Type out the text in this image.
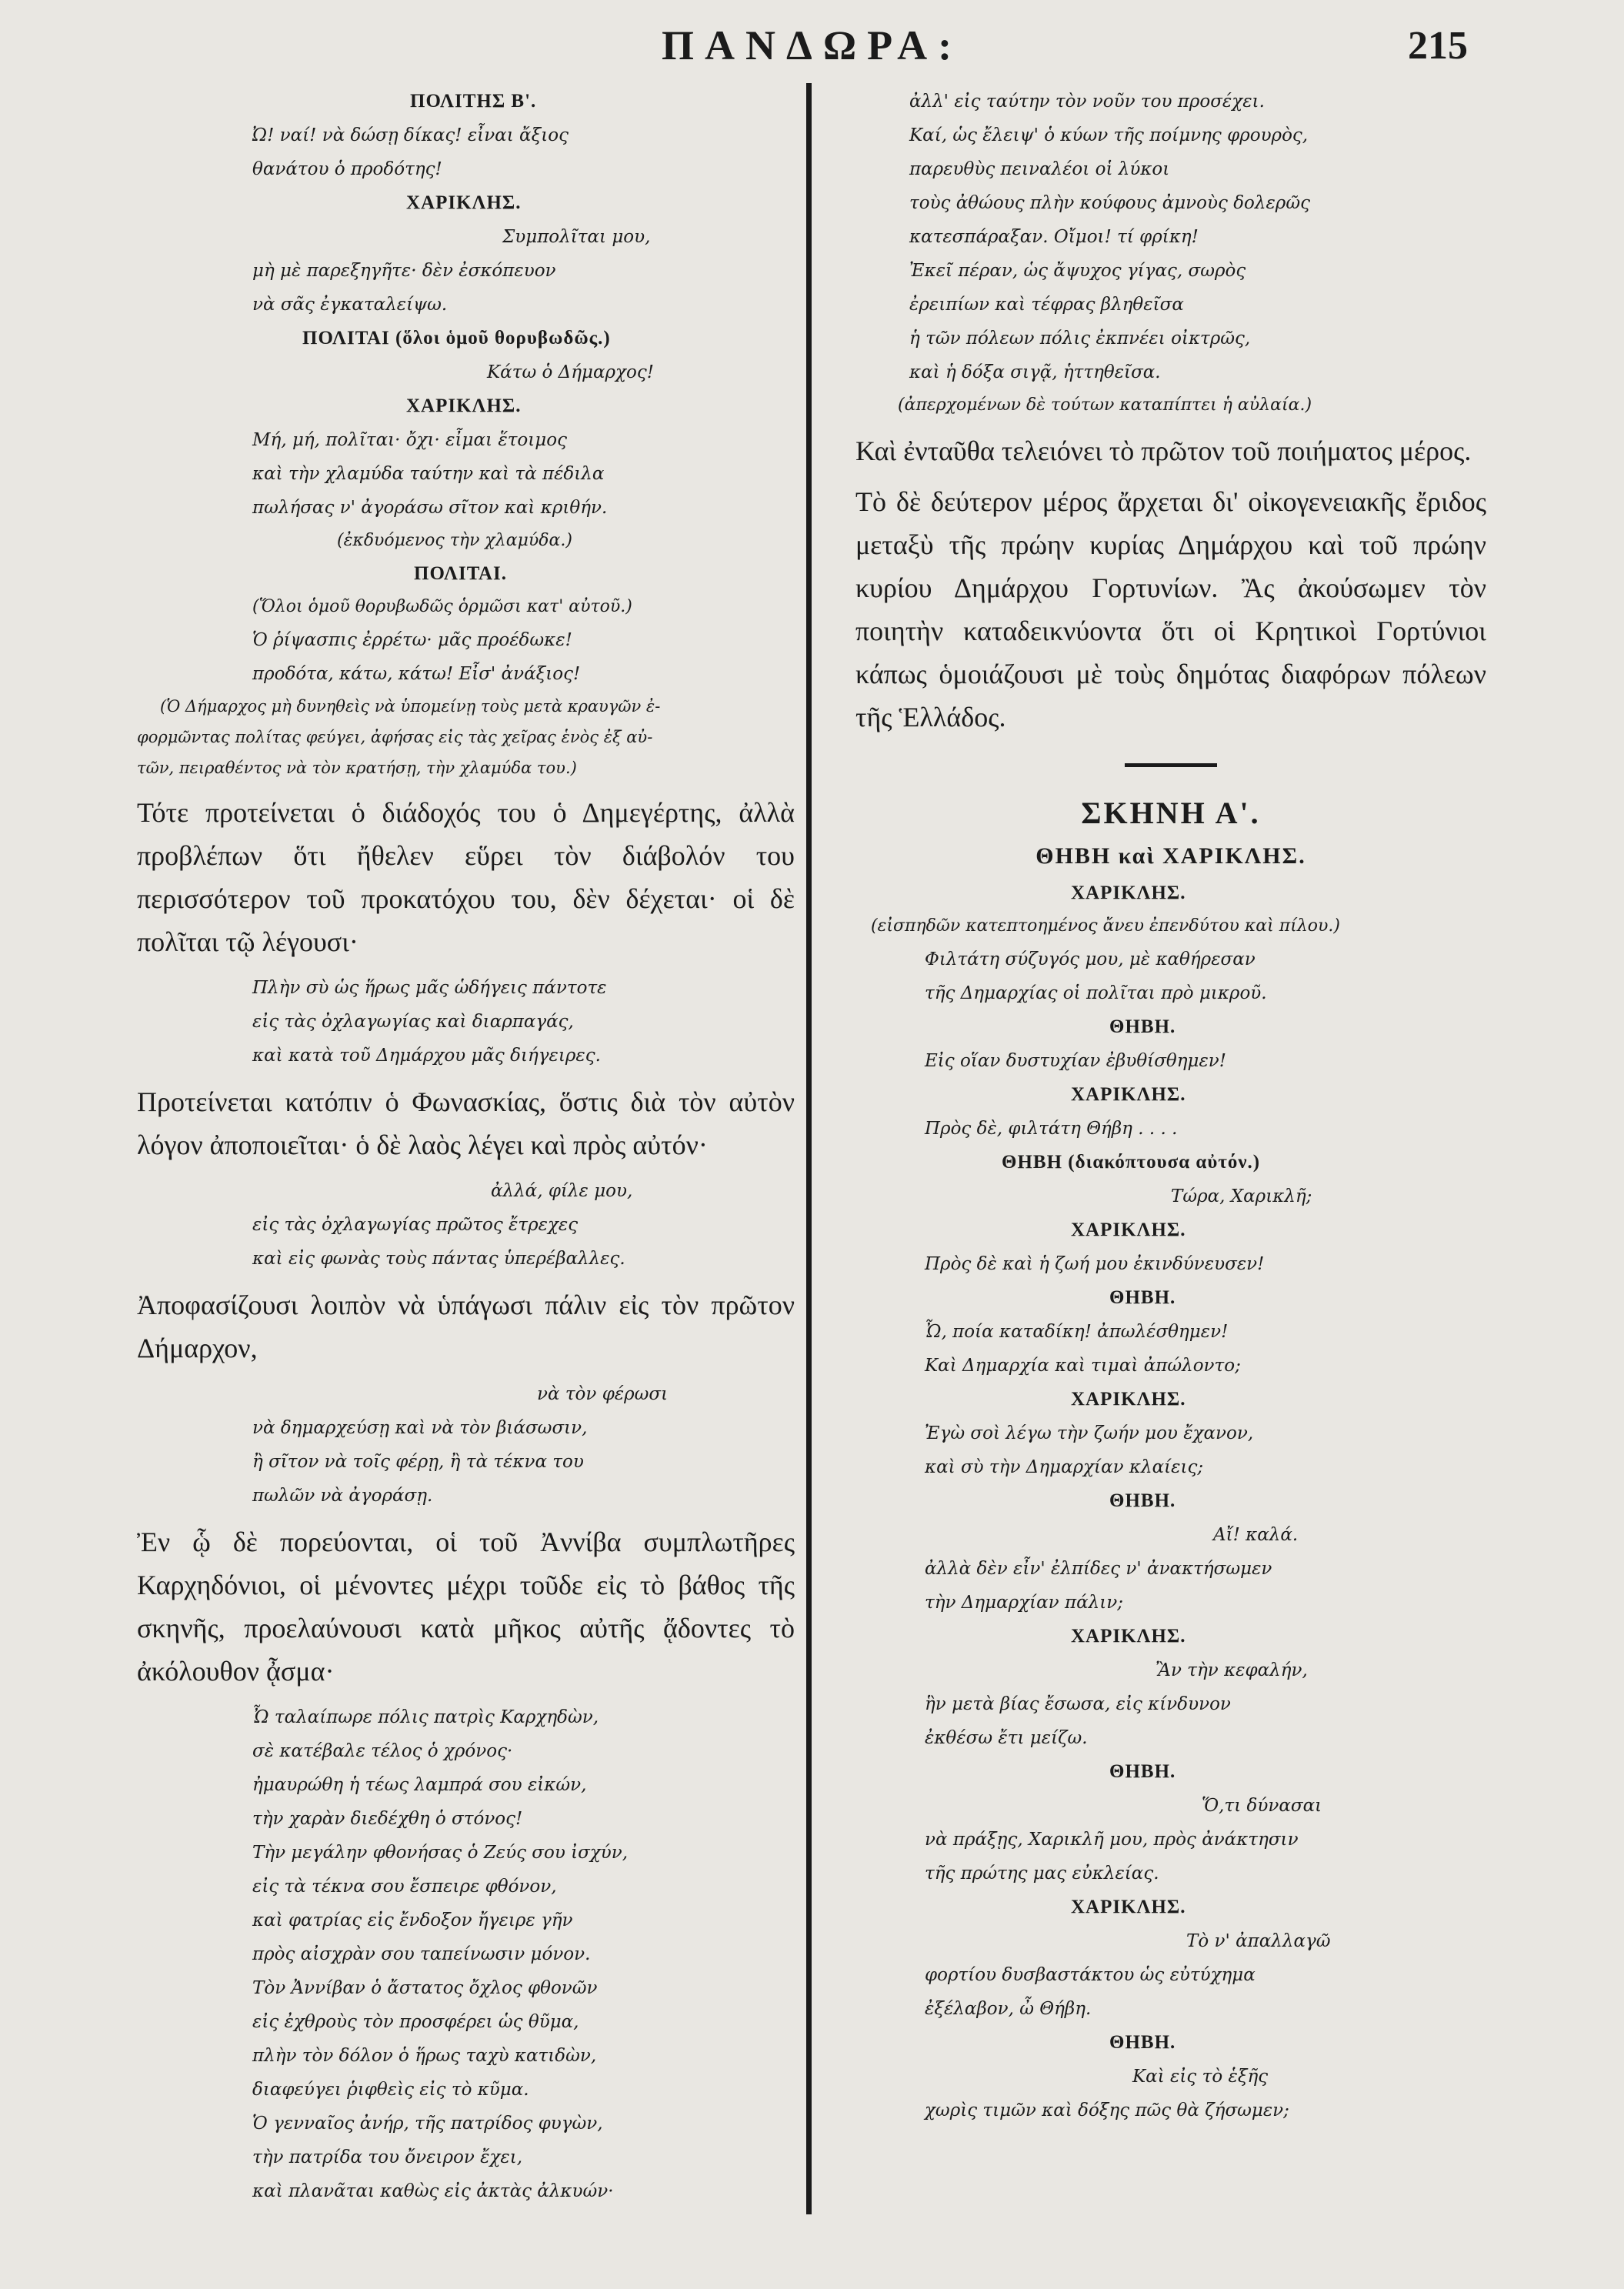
ΠΑΝΔΩΡΑ:	215
ΠΟΛΙΤΗΣ Β'.
Ὠ! ναί! νὰ δώσῃ δίκας! εἶναι ἄξιος
θανάτου ὁ προδότης!
ΧΑΡΙΚΛΗΣ.
Συμπολῖται μου,
μὴ μὲ παρεξηγῆτε· δὲν ἐσκόπευον
νὰ σᾶς ἐγκαταλείψω.
ΠΟΛΙΤΑΙ (ὅλοι ὁμοῦ θορυβωδῶς.)
Κάτω ὁ Δήμαρχος!
ΧΑΡΙΚΛΗΣ.
Μή, μή, πολῖται· ὄχι· εἶμαι ἕτοιμος
καὶ τὴν χλαμύδα ταύτην καὶ τὰ πέδιλα
πωλήσας ν' ἀγοράσω σῖτον καὶ κριθήν.
(ἐκδυόμενος τὴν χλαμύδα.)
ΠΟΛΙΤΑΙ.
(Ὅλοι ὁμοῦ θορυβωδῶς ὁρμῶσι κατ' αὐτοῦ.)
Ὁ ῥίψασπις ἐρρέτω· μᾶς προέδωκε!
προδότα, κάτω, κάτω! Εἶσ' ἀνάξιος!
(Ὁ Δήμαρχος μὴ δυνηθεὶς νὰ ὑπομείνῃ τοὺς μετὰ κραυγῶν ἐ-
φορμῶντας πολίτας φεύγει, ἀφήσας εἰς τὰς χεῖρας ἑνὸς ἐξ αὐ-
τῶν, πειραθέντος νὰ τὸν κρατήσῃ, τὴν χλαμύδα του.)

Τότε προτείνεται ὁ διάδοχός του ὁ Δημεγέρτης, ἀλλὰ προβλέπων ὅτι ἤθελεν εὕρει τὸν διάβολόν του περισσότερον τοῦ προκατόχου του, δὲν δέχεται· οἱ δὲ πολῖται τῷ λέγουσι·

Πλὴν σὺ ὡς ἥρως μᾶς ὡδήγεις πάντοτε
εἰς τὰς ὀχλαγωγίας καὶ διαρπαγάς,
καὶ κατὰ τοῦ Δημάρχου μᾶς διήγειρες.

Προτείνεται κατόπιν ὁ Φωνασκίας, ὅστις διὰ τὸν αὐτὸν λόγον ἀποποιεῖται· ὁ δὲ λαὸς λέγει καὶ πρὸς αὐτόν·

ἀλλά, φίλε μου,
εἰς τὰς ὀχλαγωγίας πρῶτος ἔτρεχες
καὶ εἰς φωνὰς τοὺς πάντας ὑπερέβαλλες.

Ἀποφασίζουσι λοιπὸν νὰ ὑπάγωσι πάλιν εἰς τὸν πρῶτον Δήμαρχον,

νὰ τὸν φέρωσι
νὰ δημαρχεύσῃ καὶ νὰ τὸν βιάσωσιν,
ἢ σῖτον νὰ τοῖς φέρῃ, ἢ τὰ τέκνα του
πωλῶν νὰ ἀγοράσῃ.

Ἐν ᾧ δὲ πορεύονται, οἱ τοῦ Ἀννίβα συμπλωτῆρες Καρχηδόνιοι, οἱ μένοντες μέχρι τοῦδε εἰς τὸ βάθος τῆς σκηνῆς, προελαύνουσι κατὰ μῆκος αὐτῆς ᾄδοντες τὸ ἀκόλουθον ᾆσμα·

Ὦ ταλαίπωρε πόλις πατρὶς Καρχηδὼν,
σὲ κατέβαλε τέλος ὁ χρόνος·
ἠμαυρώθη ἡ τέως λαμπρά σου εἰκών,
τὴν χαρὰν διεδέχθη ὁ στόνος!
Τὴν μεγάλην φθονήσας ὁ Ζεύς σου ἰσχύν,
εἰς τὰ τέκνα σου ἔσπειρε φθόνον,
καὶ φατρίας εἰς ἔνδοξον ἤγειρε γῆν
πρὸς αἰσχρὰν σου ταπείνωσιν μόνον.
Τὸν Ἀννίβαν ὁ ἄστατος ὄχλος φθονῶν
εἰς ἐχθροὺς τὸν προσφέρει ὡς θῦμα,
πλὴν τὸν δόλον ὁ ἥρως ταχὺ κατιδὼν,
διαφεύγει ῥιφθεὶς εἰς τὸ κῦμα.
Ὁ γενναῖος ἀνήρ, τῆς πατρίδος φυγὼν,
τὴν πατρίδα του ὄνειρον ἔχει,
καὶ πλανᾶται καθὼς εἰς ἀκτὰς ἀλκυών·
ἀλλ' εἰς ταύτην τὸν νοῦν του προσέχει.
Καί, ὡς ἔλειψ' ὁ κύων τῆς ποίμνης φρουρὸς,
παρευθὺς πειναλέοι οἱ λύκοι
τοὺς ἀθώους πλὴν κούφους ἀμνοὺς δολερῶς
κατεσπάραξαν. Οἴμοι! τί φρίκη!
Ἐκεῖ πέραν, ὡς ἄψυχος γίγας, σωρὸς
ἐρειπίων καὶ τέφρας βληθεῖσα
ἡ τῶν πόλεων πόλις ἐκπνέει οἰκτρῶς,
καὶ ἡ δόξα σιγᾷ, ἡττηθεῖσα.
(ἀπερχομένων δὲ τούτων καταπίπτει ἡ αὐλαία.)

Καὶ ἐνταῦθα τελειόνει τὸ πρῶτον τοῦ ποιήματος μέρος.

Τὸ δὲ δεύτερον μέρος ἄρχεται δι' οἰκογενειακῆς ἔριδος μεταξὺ τῆς πρώην κυρίας Δημάρχου καὶ τοῦ πρώην κυρίου Δημάρχου Γορτυνίων. Ἂς ἀκούσωμεν τὸν ποιητὴν καταδεικνύοντα ὅτι οἱ Κρητικοὶ Γορτύνιοι κάπως ὁμοιάζουσι μὲ τοὺς δημότας διαφόρων πόλεων τῆς Ἑλλάδος.

ΣΚΗΝΗ Α'.
ΘΗΒΗ καὶ ΧΑΡΙΚΛΗΣ.
ΧΑΡΙΚΛΗΣ.
(εἰσπηδῶν κατεπτοημένος ἄνευ ἐπενδύτου καὶ πίλου.)
Φιλτάτη σύζυγός μου, μὲ καθήρεσαν
τῆς Δημαρχίας οἱ πολῖται πρὸ μικροῦ.
ΘΗΒΗ.
Εἰς οἵαν δυστυχίαν ἐβυθίσθημεν!
ΧΑΡΙΚΛΗΣ.
Πρὸς δὲ, φιλτάτη Θήβη . . . .
ΘΗΒΗ (διακόπτουσα αὐτόν.)
Τώρα, Χαρικλῆ;
ΧΑΡΙΚΛΗΣ.
Πρὸς δὲ καὶ ἡ ζωή μου ἐκινδύνευσεν!
ΘΗΒΗ.
Ὦ, ποία καταδίκη! ἀπωλέσθημεν!
Καὶ Δημαρχία καὶ τιμαὶ ἀπώλοντο;
ΧΑΡΙΚΛΗΣ.
Ἐγὼ σοὶ λέγω τὴν ζωήν μου ἔχανον,
καὶ σὺ τὴν Δημαρχίαν κλαίεις;
ΘΗΒΗ.
Αἴ! καλά.
ἀλλὰ δὲν εἶν' ἐλπίδες ν' ἀνακτήσωμεν
τὴν Δημαρχίαν πάλιν;
ΧΑΡΙΚΛΗΣ.
Ἂν τὴν κεφαλήν,
ἣν μετὰ βίας ἔσωσα, εἰς κίνδυνον
ἐκθέσω ἔτι μείζω.
ΘΗΒΗ.
Ὅ,τι δύνασαι
νὰ πράξῃς, Χαρικλῆ μου, πρὸς ἀνάκτησιν
τῆς πρώτης μας εὐκλείας.
ΧΑΡΙΚΛΗΣ.
Τὸ ν' ἀπαλλαγῶ
φορτίου δυσβαστάκτου ὡς εὐτύχημα
ἐξέλαβον, ὦ Θήβη.
ΘΗΒΗ.
Καὶ εἰς τὸ ἑξῆς
χωρὶς τιμῶν καὶ δόξης πῶς θὰ ζήσωμεν;
